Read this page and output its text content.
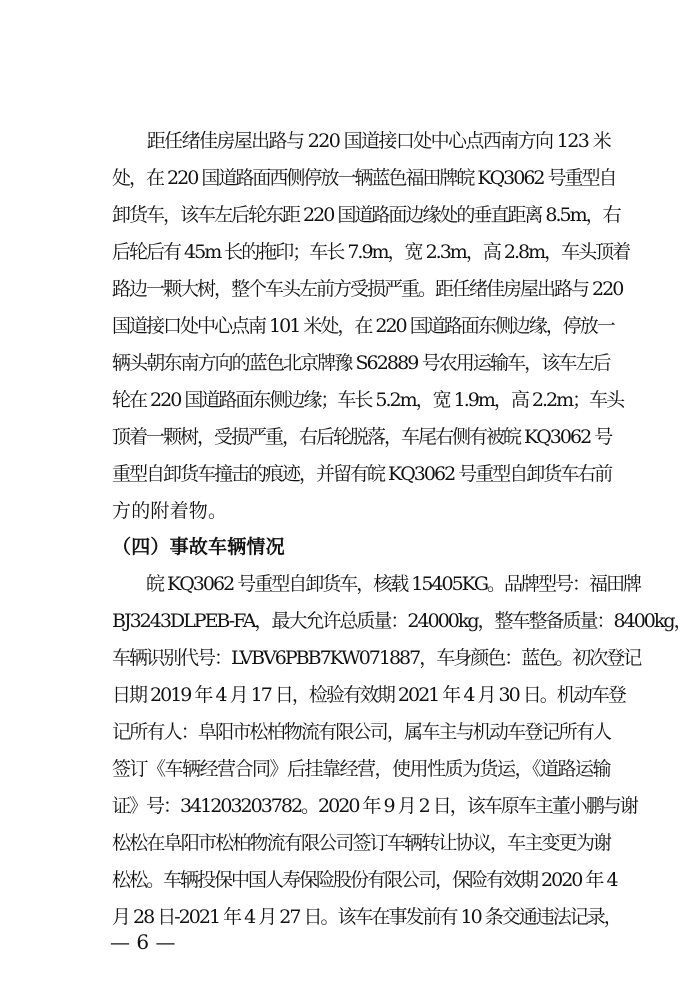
　　距任绪佳房屋出路与 220 国道接口处中心点西南方向 123 米
处，在 220 国道路面西侧停放一辆蓝色福田牌皖 KQ3062 号重型自
卸货车，该车左后轮东距 220 国道路面边缘处的垂直距离 8.5m，右
后轮后有 45m 长的拖印；车长 7.9m，宽 2.3m，高 2.8m，车头顶着
路边一颗大树，整个车头左前方受损严重。距任绪佳房屋出路与 220
国道接口处中心点南 101 米处，在 220 国道路面东侧边缘，停放一
辆头朝东南方向的蓝色北京牌豫 S62889 号农用运输车，该车左后
轮在 220 国道路面东侧边缘；车长 5.2m，宽 1.9m，高 2.2m；车头
顶着一颗树，受损严重，右后轮脱落，车尾右侧有被皖 KQ3062 号
重型自卸货车撞击的痕迹，并留有皖 KQ3062 号重型自卸货车右前
方的附着物。
（四）事故车辆情况
　　皖 KQ3062 号重型自卸货车，核载 15405KG。品牌型号：福田牌
BJ3243DLPEB-FA，最大允许总质量：24000kg，整车整备质量：8400kg，
车辆识别代号：LVBV6PBB7KW071887，车身颜色：蓝色。初次登记
日期 2019 年 4 月 17 日，检验有效期 2021 年 4 月 30 日。机动车登
记所有人：阜阳市松柏物流有限公司，属车主与机动车登记所有人
签订《车辆经营合同》后挂靠经营，使用性质为货运，《道路运输
证》号：341203203782。2020 年 9 月 2 日，该车原车主董小鹏与谢
松松在阜阳市松柏物流有限公司签订车辆转让协议，车主变更为谢
松松。车辆投保中国人寿保险股份有限公司，保险有效期 2020 年 4
月 28 日-2021 年 4 月 27 日。该车在事发前有 10 条交通违法记录，
— 6 —
